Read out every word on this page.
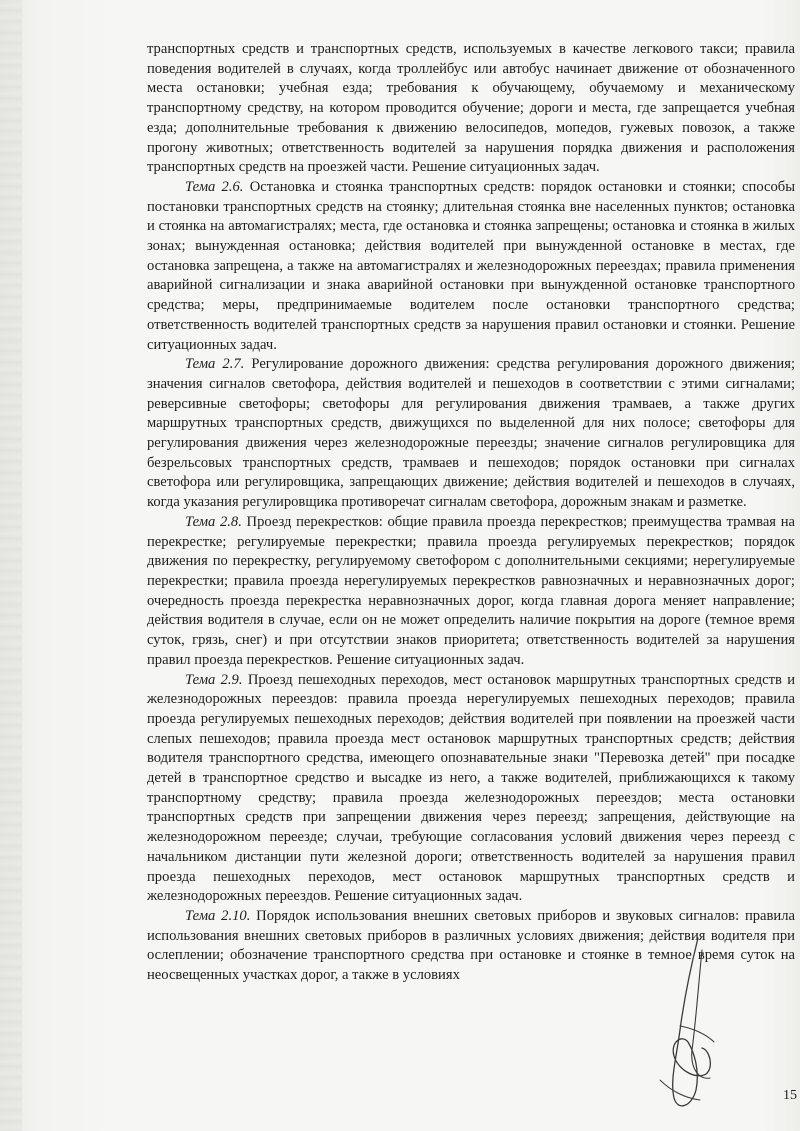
транспортных средств и транспортных средств, используемых в качестве легкового такси; правила поведения водителей в случаях, когда троллейбус или автобус начинает движение от обозначенного места остановки; учебная езда; требования к обучающему, обучаемому и механическому транспортному средству, на котором проводится обучение; дороги и места, где запрещается учебная езда; дополнительные требования к движению велосипедов, мопедов, гужевых повозок, а также прогону животных; ответственность водителей за нарушения порядка движения и расположения транспортных средств на проезжей части. Решение ситуационных задач.

Тема 2.6. Остановка и стоянка транспортных средств: порядок остановки и стоянки; способы постановки транспортных средств на стоянку; длительная стоянка вне населенных пунктов; остановка и стоянка на автомагистралях; места, где остановка и стоянка запрещены; остановка и стоянка в жилых зонах; вынужденная остановка; действия водителей при вынужденной остановке в местах, где остановка запрещена, а также на автомагистралях и железнодорожных переездах; правила применения аварийной сигнализации и знака аварийной остановки при вынужденной остановке транспортного средства; меры, предпринимаемые водителем после остановки транспортного средства; ответственность водителей транспортных средств за нарушения правил остановки и стоянки. Решение ситуационных задач.

Тема 2.7. Регулирование дорожного движения: средства регулирования дорожного движения; значения сигналов светофора, действия водителей и пешеходов в соответствии с этими сигналами; реверсивные светофоры; светофоры для регулирования движения трамваев, а также других маршрутных транспортных средств, движущихся по выделенной для них полосе; светофоры для регулирования движения через железнодорожные переезды; значение сигналов регулировщика для безрельсовых транспортных средств, трамваев и пешеходов; порядок остановки при сигналах светофора или регулировщика, запрещающих движение; действия водителей и пешеходов в случаях, когда указания регулировщика противоречат сигналам светофора, дорожным знакам и разметке.

Тема 2.8. Проезд перекрестков: общие правила проезда перекрестков; преимущества трамвая на перекрестке; регулируемые перекрестки; правила проезда регулируемых перекрестков; порядок движения по перекрестку, регулируемому светофором с дополнительными секциями; нерегулируемые перекрестки; правила проезда нерегулируемых перекрестков равнозначных и неравнозначных дорог; очередность проезда перекрестка неравнозначных дорог, когда главная дорога меняет направление; действия водителя в случае, если он не может определить наличие покрытия на дороге (темное время суток, грязь, снег) и при отсутствии знаков приоритета; ответственность водителей за нарушения правил проезда перекрестков. Решение ситуационных задач.

Тема 2.9. Проезд пешеходных переходов, мест остановок маршрутных транспортных средств и железнодорожных переездов: правила проезда нерегулируемых пешеходных переходов; правила проезда регулируемых пешеходных переходов; действия водителей при появлении на проезжей части слепых пешеходов; правила проезда мест остановок маршрутных транспортных средств; действия водителя транспортного средства, имеющего опознавательные знаки "Перевозка детей" при посадке детей в транспортное средство и высадке из него, а также водителей, приближающихся к такому транспортному средству; правила проезда железнодорожных переездов; места остановки транспортных средств при запрещении движения через переезд; запрещения, действующие на железнодорожном переезде; случаи, требующие согласования условий движения через переезд с начальником дистанции пути железной дороги; ответственность водителей за нарушения правил проезда пешеходных переходов, мест остановок маршрутных транспортных средств и железнодорожных переездов. Решение ситуационных задач.

Тема 2.10. Порядок использования внешних световых приборов и звуковых сигналов: правила использования внешних световых приборов в различных условиях движения; действия водителя при ослеплении; обозначение транспортного средства при остановке и стоянке в темное время суток на неосвещенных участках дорог, а также в условиях

15
